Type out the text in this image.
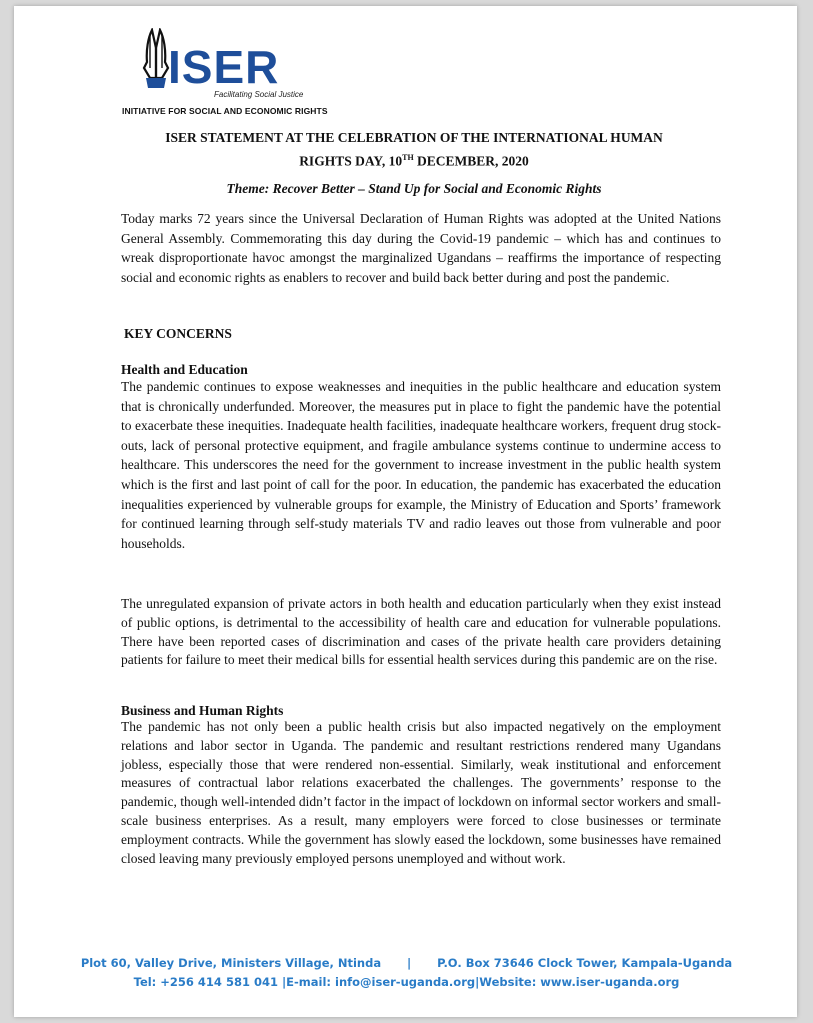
ISER
Facilitating Social Justice
INITIATIVE FOR SOCIAL AND ECONOMIC RIGHTS
ISER STATEMENT AT THE CELEBRATION OF THE INTERNATIONAL HUMAN
RIGHTS DAY, 10TH DECEMBER, 2020
Theme: Recover Better – Stand Up for Social and Economic Rights
Today marks 72 years since the Universal Declaration of Human Rights was adopted at the United Nations General Assembly. Commemorating this day during the Covid-19 pandemic – which has and continues to wreak disproportionate havoc amongst the marginalized Ugandans – reaffirms the importance of respecting social and economic rights as enablers to recover and build back better during and post the pandemic.
KEY CONCERNS
Health and Education
The pandemic continues to expose weaknesses and inequities in the public healthcare and education system that is chronically underfunded. Moreover, the measures put in place to fight the pandemic have the potential to exacerbate these inequities. Inadequate health facilities, inadequate healthcare workers, frequent drug stock-outs, lack of personal protective equipment, and fragile ambulance systems continue to undermine access to healthcare. This underscores the need for the government to increase investment in the public health system which is the first and last point of call for the poor. In education, the pandemic has exacerbated the education inequalities experienced by vulnerable groups for example, the Ministry of Education and Sports’ framework for continued learning through self-study materials TV and radio leaves out those from vulnerable and poor households.
The unregulated expansion of private actors in both health and education particularly when they exist instead of public options, is detrimental to the accessibility of health care and education for vulnerable populations. There have been reported cases of discrimination and cases of the private health care providers detaining patients for failure to meet their medical bills for essential health services during this pandemic are on the rise.
Business and Human Rights
The pandemic has not only been a public health crisis but also impacted negatively on the employment relations and labor sector in Uganda. The pandemic and resultant restrictions rendered many Ugandans jobless, especially those that were rendered non-essential. Similarly, weak institutional and enforcement measures of contractual labor relations exacerbated the challenges. The governments’ response to the pandemic, though well-intended didn’t factor in the impact of lockdown on informal sector workers and small-scale business enterprises. As a result, many employers were forced to close businesses or terminate employment contracts. While the government has slowly eased the lockdown, some businesses have remained closed leaving many previously employed persons unemployed and without work.
Plot 60, Valley Drive, Ministers Village, Ntinda | P.O. Box 73646 Clock Tower, Kampala-Uganda
Tel: +256 414 581 041 |E-mail: info@iser-uganda.org|Website: www.iser-uganda.org
